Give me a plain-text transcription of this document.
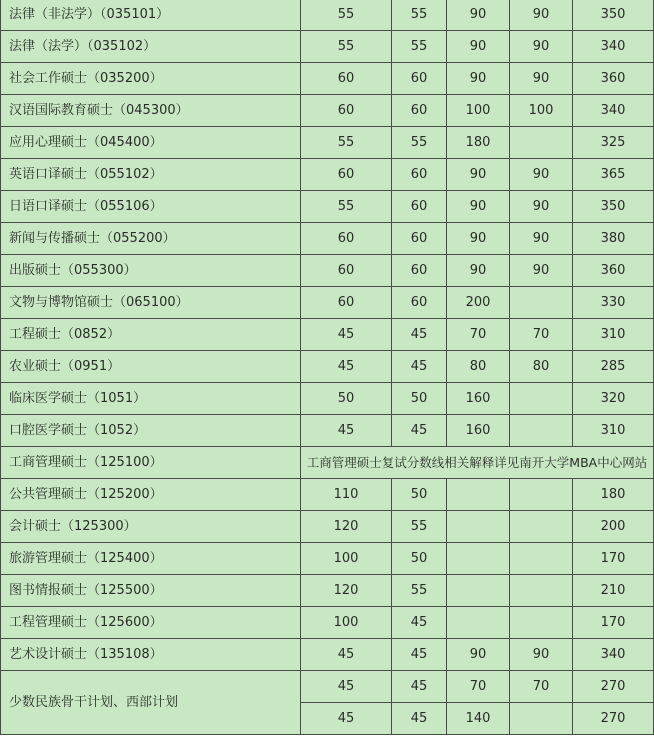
法律（非法学）（035101）	55	55	90	90	350
法律（法学）（035102）	55	55	90	90	340
社会工作硕士（035200）	60	60	90	90	360
汉语国际教育硕士（045300）	60	60	100	100	340
应用心理硕士（045400）	55	55	180		325
英语口译硕士（055102）	60	60	90	90	365
日语口译硕士（055106）	55	60	90	90	350
新闻与传播硕士（055200）	60	60	90	90	380
出版硕士（055300）	60	60	90	90	360
文物与博物馆硕士（065100）	60	60	200		330
工程硕士（0852）	45	45	70	70	310
农业硕士（0951）	45	45	80	80	285
临床医学硕士（1051）	50	50	160		320
口腔医学硕士（1052）	45	45	160		310
工商管理硕士（125100）	工商管理硕士复试分数线相关解释详见南开大学MBA中心网站				
公共管理硕士（125200）	110	50			180
会计硕士（125300）	120	55			200
旅游管理硕士（125400）	100	50			170
图书情报硕士（125500）	120	55			210
工程管理硕士（125600）	100	45			170
艺术设计硕士（135108）	45	45	90	90	340
少数民族骨干计划、西部计划	45	45	70	70	270
	45	45	140		270
